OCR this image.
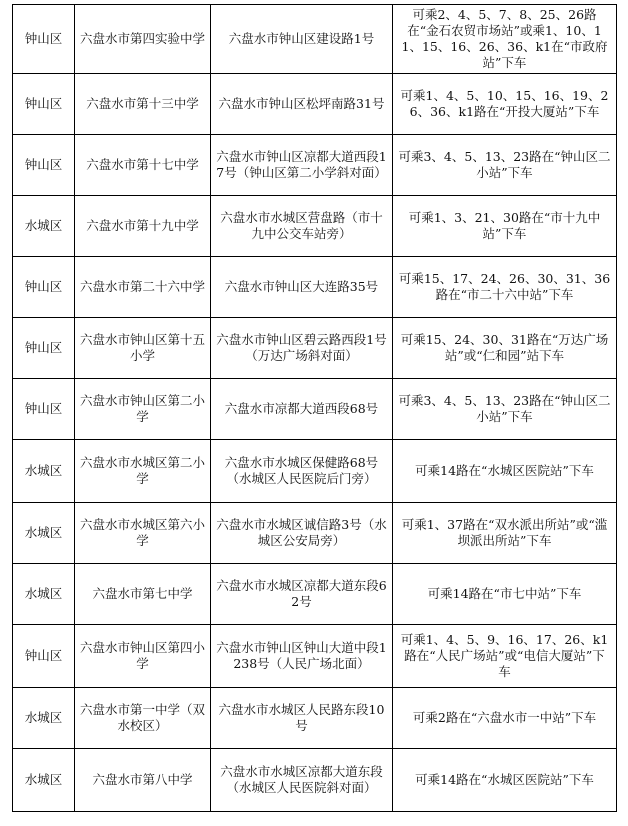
钟山区	六盘水市第四实验中学	六盘水市钟山区建设路1号	可乘2、4、5、7、8、25、26路在“金石农贸市场站”或乘1、10、11、15、16、26、36、k1在“市政府站”下车
钟山区	六盘水市第十三中学	六盘水市钟山区松坪南路31号	可乘1、4、5、10、15、16、19、26、36、k1路在“开投大厦站”下车
钟山区	六盘水市第十七中学	六盘水市钟山区凉都大道西段17号（钟山区第二小学斜对面）	可乘3、4、5、13、23路在“钟山区二小站”下车
水城区	六盘水市第十九中学	六盘水市水城区营盘路（市十九中公交车站旁）	可乘1、3、21、30路在“市十九中站”下车
钟山区	六盘水市第二十六中学	六盘水市钟山区大连路35号	可乘15、17、24、26、30、31、36路在“市二十六中站”下车
钟山区	六盘水市钟山区第十五小学	六盘水市钟山区碧云路西段1号（万达广场斜对面）	可乘15、24、30、31路在“万达广场站”或“仁和园”站下车
钟山区	六盘水市钟山区第二小学	六盘水市凉都大道西段68号	可乘3、4、5、13、23路在“钟山区二小站”下车
水城区	六盘水市水城区第二小学	六盘水市水城区保健路68号（水城区人民医院后门旁）	可乘14路在“水城区医院站”下车
水城区	六盘水市水城区第六小学	六盘水市水城区诚信路3号（水城区公安局旁）	可乘1、37路在“双水派出所站”或“滥坝派出所站”下车
水城区	六盘水市第七中学	六盘水市水城区凉都大道东段62号	可乘14路在“市七中站”下车
钟山区	六盘水市钟山区第四小学	六盘水市钟山区钟山大道中段1238号（人民广场北面）	可乘1、4、5、9、16、17、26、k1路在“人民广场站”或“电信大厦站”下车
水城区	六盘水市第一中学（双水校区）	六盘水市水城区人民路东段10号	可乘2路在“六盘水市一中站”下车
水城区	六盘水市第八中学	六盘水市水城区凉都大道东段（水城区人民医院斜对面）	可乘14路在“水城区医院站”下车
